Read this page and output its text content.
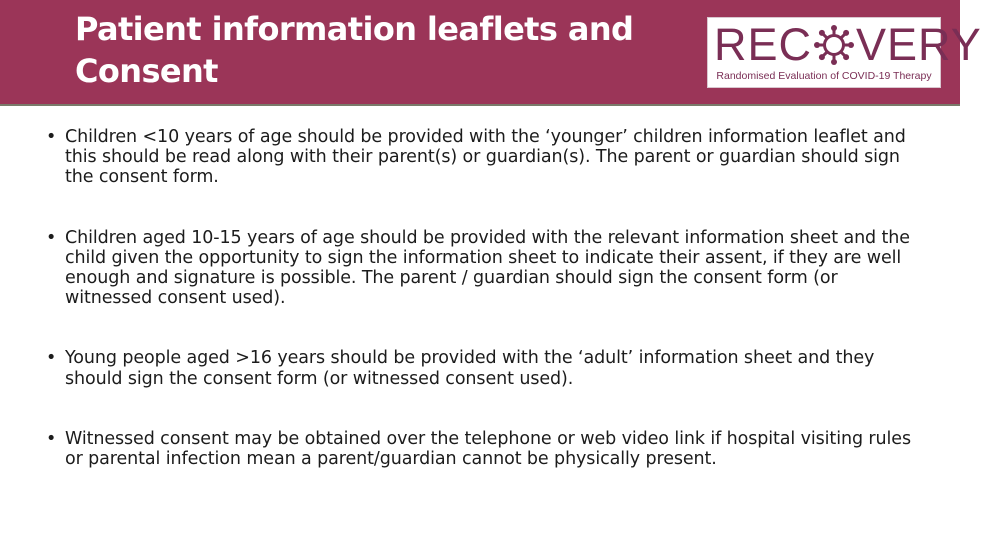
Patient information leaflets and
Consent
REC VERY
Randomised Evaluation of COVID-19 Therapy
• Children <10 years of age should be provided with the ‘younger’ children information leaflet and this should be read along with their parent(s) or guardian(s). The parent or guardian should sign the consent form.
• Children aged 10-15 years of age should be provided with the relevant information sheet and the child given the opportunity to sign the information sheet to indicate their assent, if they are well enough and signature is possible. The parent / guardian should sign the consent form (or witnessed consent used).
• Young people aged >16 years should be provided with the ‘adult’ information sheet and they should sign the consent form (or witnessed consent used).
• Witnessed consent may be obtained over the telephone or web video link if hospital visiting rules or parental infection mean a parent/guardian cannot be physically present.
